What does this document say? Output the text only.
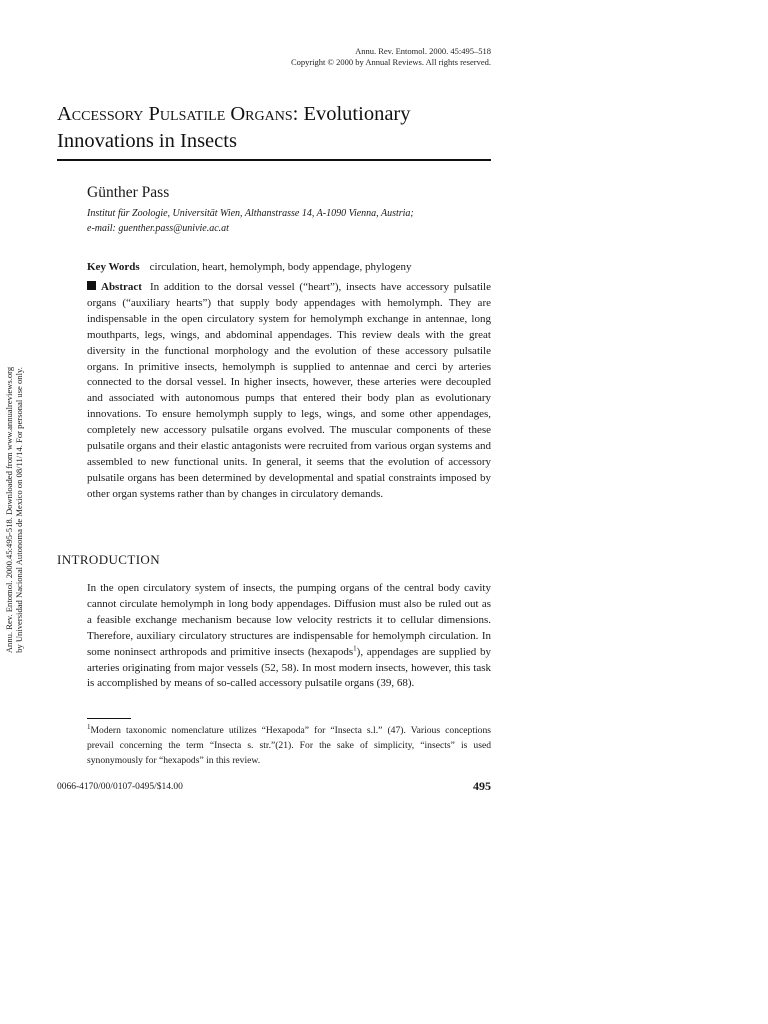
Annu. Rev. Entomol. 2000.45:495-518. Downloaded from www.annualreviews.org by Universidad Nacional Autonoma de Mexico on 08/11/14. For personal use only.
Annu. Rev. Entomol. 2000. 45:495–518
Copyright © 2000 by Annual Reviews. All rights reserved.
Accessory Pulsatile Organs: Evolutionary
Innovations in Insects
Günther Pass
Institut für Zoologie, Universität Wien, Althanstrasse 14, A-1090 Vienna, Austria;
e-mail: guenther.pass@univie.ac.at
Key Words circulation, heart, hemolymph, body appendage, phylogeny

Abstract In addition to the dorsal vessel (“heart”), insects have accessory pulsatile organs (“auxiliary hearts”) that supply body appendages with hemolymph. They are indispensable in the open circulatory system for hemolymph exchange in antennae, long mouthparts, legs, wings, and abdominal appendages. This review deals with the great diversity in the functional morphology and the evolution of these accessory pulsatile organs. In primitive insects, hemolymph is supplied to antennae and cerci by arteries connected to the dorsal vessel. In higher insects, however, these arteries were decoupled and associated with autonomous pumps that entered their body plan as evolutionary innovations. To ensure hemolymph supply to legs, wings, and some other appendages, completely new accessory pulsatile organs evolved. The muscular components of these pulsatile organs and their elastic antagonists were recruited from various organ systems and assembled to new functional units. In general, it seems that the evolution of accessory pulsatile organs has been determined by developmental and spatial constraints imposed by other organ systems rather than by changes in circulatory demands.

INTRODUCTION

In the open circulatory system of insects, the pumping organs of the central body cavity cannot circulate hemolymph in long body appendages. Diffusion must also be ruled out as a feasible exchange mechanism because low velocity restricts it to cellular dimensions. Therefore, auxiliary circulatory structures are indispensable for hemolymph circulation. In some noninsect arthropods and primitive insects (hexapods$^1$), appendages are supplied by arteries originating from major vessels (52, 58). In most modern insects, however, this task is accomplished by means of so-called accessory pulsatile organs (39, 68).

$^1$Modern taxonomic nomenclature utilizes “Hexapoda” for “Insecta s.l.” (47). Various conceptions prevail concerning the term “Insecta s. str.”(21). For the sake of simplicity, “insects” is used synonymously for “hexapods” in this review.

0066-4170/00/0107-0495/$14.00	495
